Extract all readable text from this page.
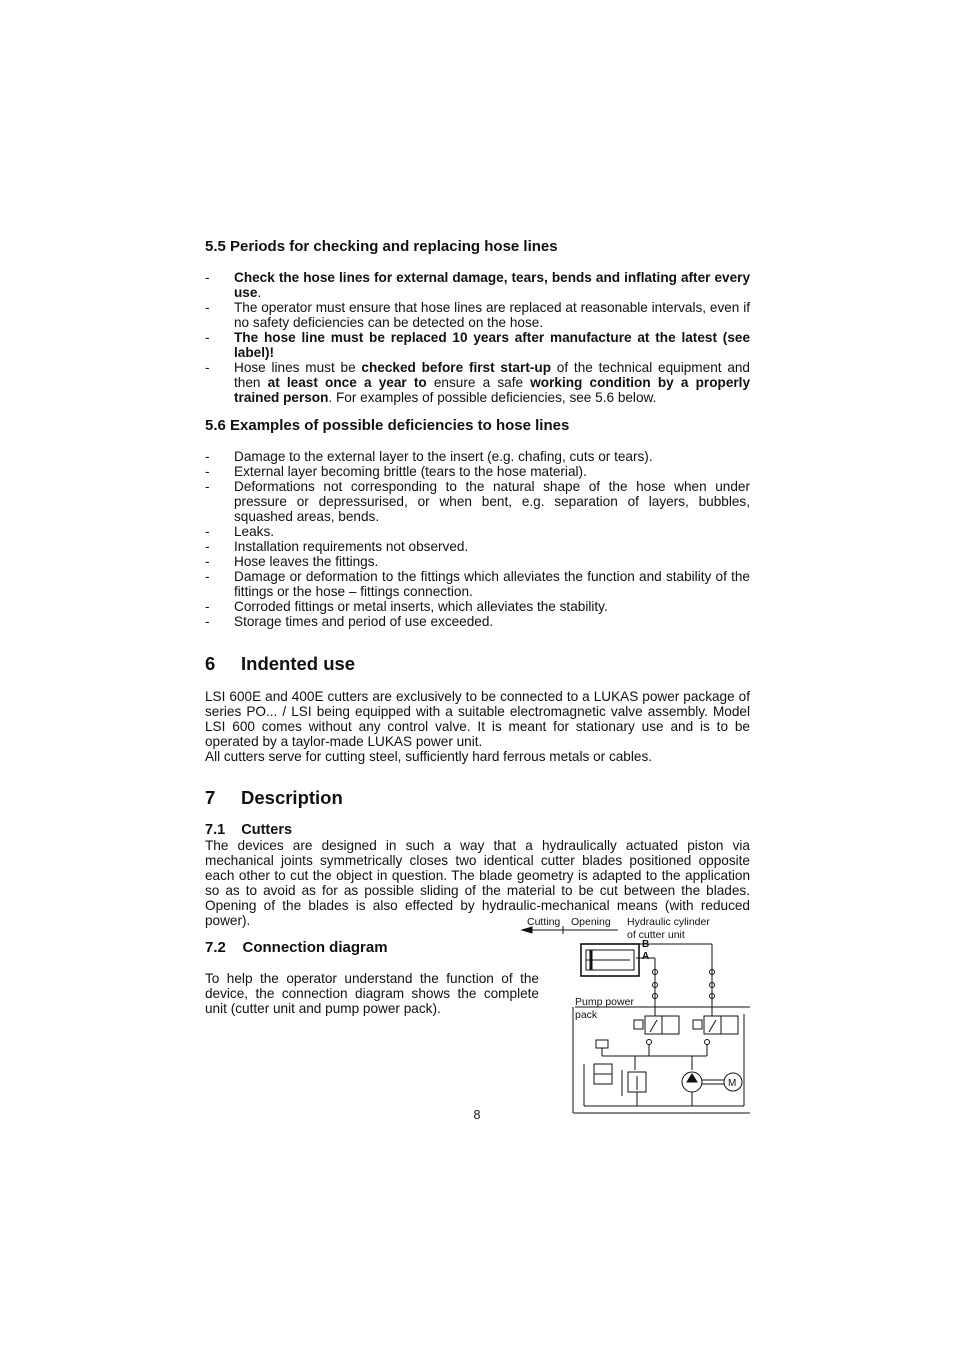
5.5 Periods for checking and replacing hose lines
- Check the hose lines for external damage, tears, bends and inflating after every use.
- The operator must ensure that hose lines are replaced at reasonable intervals, even if no safety deficiencies can be detected on the hose.
- The hose line must be replaced 10 years after manufacture at the latest (see label)!
- Hose lines must be checked before first start-up of the technical equipment and then at least once a year to ensure a safe working condition by a properly trained person. For examples of possible deficiencies, see 5.6 below.
5.6 Examples of possible deficiencies to hose lines
- Damage to the external layer to the insert (e.g. chafing, cuts or tears).
- External layer becoming brittle (tears to the hose material).
- Deformations not corresponding to the natural shape of the hose when under pressure or depressurised, or when bent, e.g. separation of layers, bubbles, squashed areas, bends.
- Leaks.
- Installation requirements not observed.
- Hose leaves the fittings.
- Damage or deformation to the fittings which alleviates the function and stability of the fittings or the hose – fittings connection.
- Corroded fittings or metal inserts, which alleviates the stability.
- Storage times and period of use exceeded.
6 Indented use

LSI 600E and 400E cutters are exclusively to be connected to a LUKAS power package of series PO... / LSI being equipped with a suitable electromagnetic valve assembly. Model LSI 600 comes without any control valve. It is meant for stationary use and is to be operated by a taylor-made LUKAS power unit.

All cutters serve for cutting steel, sufficiently hard ferrous metals or cables.

7 Description
7.1    Cutters

The devices are designed in such a way that a hydraulically actuated piston via mechanical joints symmetrically closes two identical cutter blades positioned opposite each other to cut the object in question. The blade geometry is adapted to the application so as to avoid as for as possible sliding of the material to be cut between the blades. Opening of the blades is also effected by hydraulic-mechanical means (with reduced power).

7.2    Connection diagram

To help the operator understand the function of the device, the connection diagram shows the complete unit (cutter unit and pump power pack).

Cutting Opening Hydraulic cylinder
of cutter unit
B
A
Pump power
pack
M
8
